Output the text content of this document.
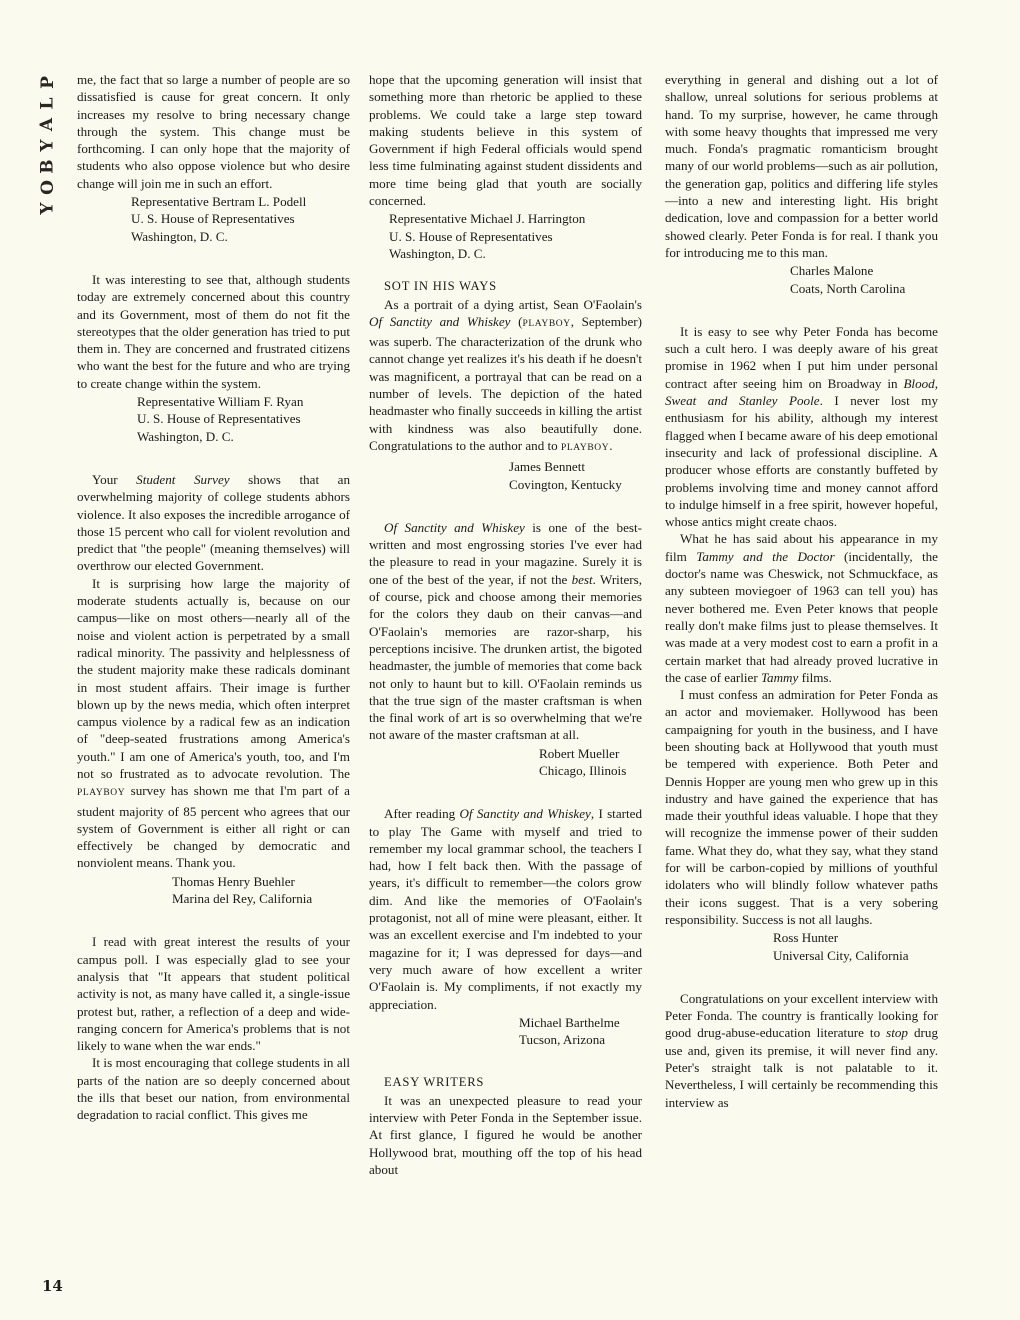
P
L
A
Y
B
O
Y
14

me, the fact that so large a number of people are so dissatisfied is cause for great concern. It only increases my resolve to bring necessary change through the system. This change must be forthcoming. I can only hope that the majority of students who also oppose violence but who desire change will join me in such an effort.

Representative Bertram L. Podell
U. S. House of Representatives
Washington, D. C.

It was interesting to see that, although students today are extremely concerned about this country and its Government, most of them do not fit the stereotypes that the older generation has tried to put them in. They are concerned and frustrated citizens who want the best for the future and who are trying to create change within the system.

Representative William F. Ryan
U. S. House of Representatives
Washington, D. C.

Your Student Survey shows that an overwhelming majority of college students abhors violence. It also exposes the incredible arrogance of those 15 percent who call for violent revolution and predict that "the people" (meaning themselves) will overthrow our elected Government.

It is surprising how large the majority of moderate students actually is, because on our campus—like on most others—nearly all of the noise and violent action is perpetrated by a small radical minority. The passivity and helplessness of the student majority make these radicals dominant in most student affairs. Their image is further blown up by the news media, which often interpret campus violence by a radical few as an indication of "deep-seated frustrations among America's youth." I am one of America's youth, too, and I'm not so frustrated as to advocate revolution. The PLAYBOY survey has shown me that I'm part of a student majority of 85 percent who agrees that our system of Government is either all right or can effectively be changed by democratic and nonviolent means. Thank you.

Thomas Henry Buehler
Marina del Rey, California

I read with great interest the results of your campus poll. I was especially glad to see your analysis that "It appears that student political activity is not, as many have called it, a single-issue protest but, rather, a reflection of a deep and wide-ranging concern for America's problems that is not likely to wane when the war ends."

It is most encouraging that college students in all parts of the nation are so deeply concerned about the ills that beset our nation, from environmental degradation to racial conflict. This gives me

hope that the upcoming generation will insist that something more than rhetoric be applied to these problems. We could take a large step toward making students believe in this system of Government if high Federal officials would spend less time fulminating against student dissidents and more time being glad that youth are socially concerned.

Representative Michael J. Harrington
U. S. House of Representatives
Washington, D. C.

SOT IN HIS WAYS

As a portrait of a dying artist, Sean O'Faolain's Of Sanctity and Whiskey (PLAYBOY, September) was superb. The characterization of the drunk who cannot change yet realizes it's his death if he doesn't was magnificent, a portrayal that can be read on a number of levels. The depiction of the hated headmaster who finally succeeds in killing the artist with kindness was also beautifully done. Congratulations to the author and to PLAYBOY.

James Bennett
Covington, Kentucky

Of Sanctity and Whiskey is one of the best-written and most engrossing stories I've ever had the pleasure to read in your magazine. Surely it is one of the best of the year, if not the best. Writers, of course, pick and choose among their memories for the colors they daub on their canvas—and O'Faolain's memories are razor-sharp, his perceptions incisive. The drunken artist, the bigoted headmaster, the jumble of memories that come back not only to haunt but to kill. O'Faolain reminds us that the true sign of the master craftsman is when the final work of art is so overwhelming that we're not aware of the master craftsman at all.

Robert Mueller
Chicago, Illinois

After reading Of Sanctity and Whiskey, I started to play The Game with myself and tried to remember my local grammar school, the teachers I had, how I felt back then. With the passage of years, it's difficult to remember—the colors grow dim. And like the memories of O'Faolain's protagonist, not all of mine were pleasant, either. It was an excellent exercise and I'm indebted to your magazine for it; I was depressed for days—and very much aware of how excellent a writer O'Faolain is. My compliments, if not exactly my appreciation.

Michael Barthelme
Tucson, Arizona

EASY WRITERS

It was an unexpected pleasure to read your interview with Peter Fonda in the September issue. At first glance, I figured he would be another Hollywood brat, mouthing off the top of his head about

everything in general and dishing out a lot of shallow, unreal solutions for serious problems at hand. To my surprise, however, he came through with some heavy thoughts that impressed me very much. Fonda's pragmatic romanticism brought many of our world problems—such as air pollution, the generation gap, politics and differing life styles—into a new and interesting light. His bright dedication, love and compassion for a better world showed clearly. Peter Fonda is for real. I thank you for introducing me to this man.

Charles Malone
Coats, North Carolina

It is easy to see why Peter Fonda has become such a cult hero. I was deeply aware of his great promise in 1962 when I put him under personal contract after seeing him on Broadway in Blood, Sweat and Stanley Poole. I never lost my enthusiasm for his ability, although my interest flagged when I became aware of his deep emotional insecurity and lack of professional discipline. A producer whose efforts are constantly buffeted by problems involving time and money cannot afford to indulge himself in a free spirit, however hopeful, whose antics might create chaos.

What he has said about his appearance in my film Tammy and the Doctor (incidentally, the doctor's name was Cheswick, not Schmuckface, as any subteen moviegoer of 1963 can tell you) has never bothered me. Even Peter knows that people really don't make films just to please themselves. It was made at a very modest cost to earn a profit in a certain market that had already proved lucrative in the case of earlier Tammy films.

I must confess an admiration for Peter Fonda as an actor and moviemaker. Hollywood has been campaigning for youth in the business, and I have been shouting back at Hollywood that youth must be tempered with experience. Both Peter and Dennis Hopper are young men who grew up in this industry and have gained the experience that has made their youthful ideas valuable. I hope that they will recognize the immense power of their sudden fame. What they do, what they say, what they stand for will be carbon-copied by millions of youthful idolaters who will blindly follow whatever paths their icons suggest. That is a very sobering responsibility. Success is not all laughs.

Ross Hunter
Universal City, California

Congratulations on your excellent interview with Peter Fonda. The country is frantically looking for good drug-abuse-education literature to stop drug use and, given its premise, it will never find any. Peter's straight talk is not palatable to it. Nevertheless, I will certainly be recommending this interview as
